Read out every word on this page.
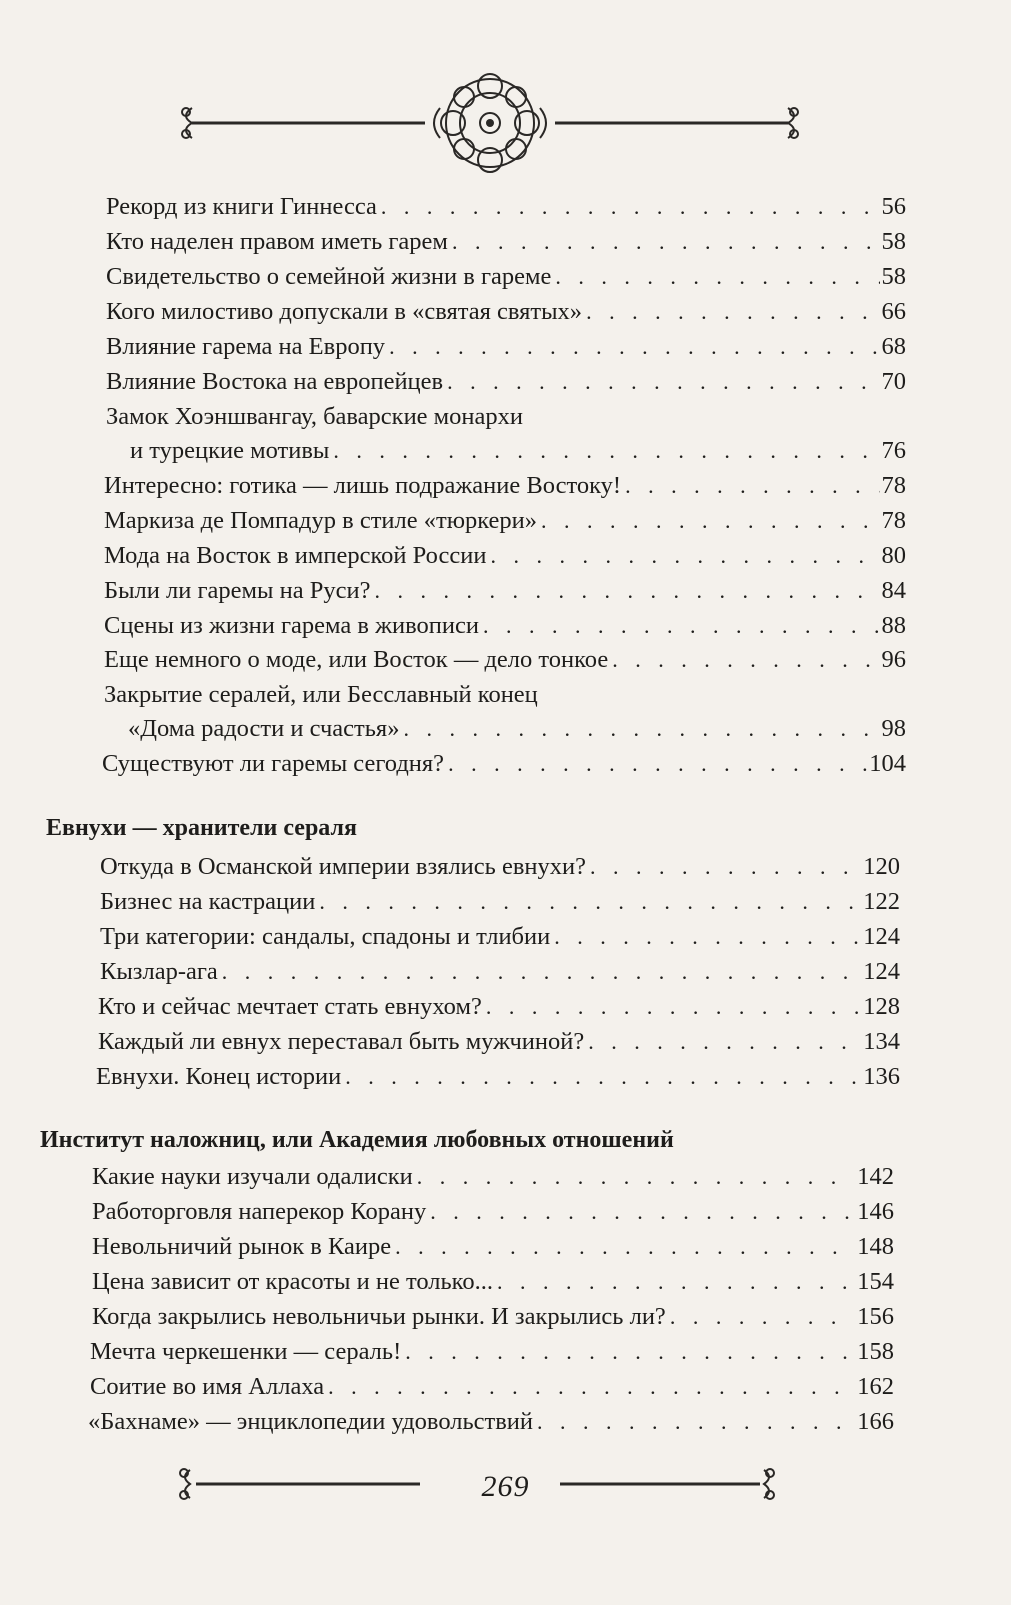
Рекорд из книги Гиннесса . . .	56
Кто наделен правом иметь гарем . . .	58
Свидетельство о семейной жизни в гареме . . .	58
Кого милостиво допускали в «святая святых» . . .	66
Влияние гарема на Европу . . .	68
Влияние Востока на европейцев . . .	70
Замок Хоэншвангау, баварские монархи
и турецкие мотивы . . .	76
Интересно: готика — лишь подражание Востоку! . . .	78
Маркиза де Помпадур в стиле «тюркери» . . .	78
Мода на Восток в имперской России . . .	80
Были ли гаремы на Руси? . . .	84
Сцены из жизни гарема в живописи . . .	88
Еще немного о моде, или Восток — дело тонкое . . .	96
Закрытие сералей, или Бесславный конец
«Дома радости и счастья» . . .	98
Существуют ли гаремы сегодня? . . .	104
Евнухи — хранители сераля
Откуда в Османской империи взялись евнухи? . . .	120
Бизнес на кастрации . . .	122
Три категории: сандалы, спадоны и тлибии . . .	124
Кызлар-ага . . .	124
Кто и сейчас мечтает стать евнухом? . . .	128
Каждый ли евнух переставал быть мужчиной? . . .	134
Евнухи. Конец истории . . .	136
Институт наложниц, или Академия любовных отношений
Какие науки изучали одалиски . . .	142
Работорговля наперекор Корану . . .	146
Невольничий рынок в Каире . . .	148
Цена зависит от красоты и не только... . . .	154
Когда закрылись невольничьи рынки. И закрылись ли? . . .	156
Мечта черкешенки — сераль! . . .	158
Соитие во имя Аллаха . . .	162
«Бахнаме» — энциклопедии удовольствий . . .	166
269
